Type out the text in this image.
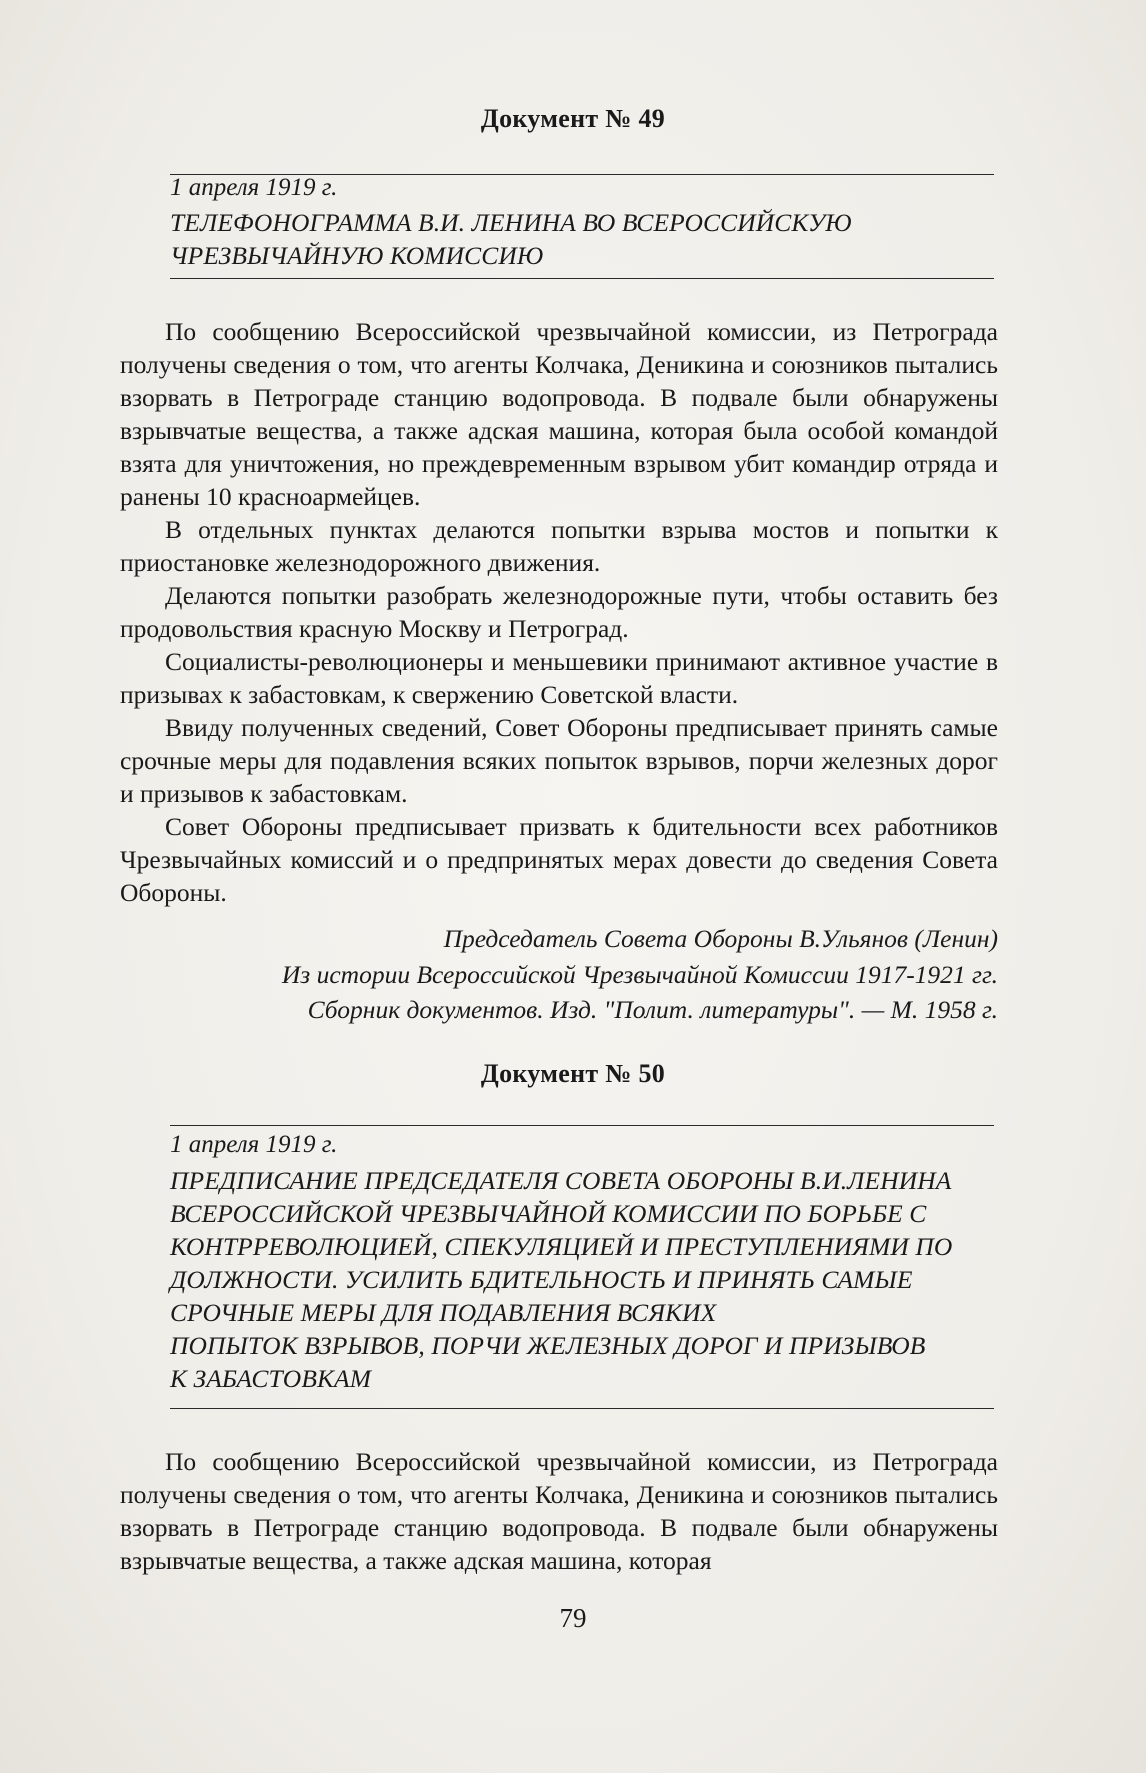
Документ № 49
1 апреля 1919 г.
ТЕЛЕФОНОГРАММА В.И. ЛЕНИНА ВО ВСЕРОССИЙСКУЮ
ЧРЕЗВЫЧАЙНУЮ КОМИССИЮ

По сообщению Всероссийской чрезвычайной комиссии, из Петрограда получены сведения о том, что агенты Колчака, Деникина и союзников пытались взорвать в Петрограде станцию водопровода. В подвале были обнаружены взрывчатые вещества, а также адская машина, которая была особой командой взята для уничтожения, но преждевременным взрывом убит командир отряда и ранены 10 красноармейцев.

В отдельных пунктах делаются попытки взрыва мостов и попытки к приостановке железнодорожного движения.

Делаются попытки разобрать железнодорожные пути, чтобы оставить без продовольствия красную Москву и Петроград.

Социалисты-революционеры и меньшевики принимают активное участие в призывах к забастовкам, к свержению Советской власти.

Ввиду полученных сведений, Совет Обороны предписывает принять самые срочные меры для подавления всяких попыток взрывов, порчи железных дорог и призывов к забастовкам.

Совет Обороны предписывает призвать к бдительности всех работников Чрезвычайных комиссий и о предпринятых мерах довести до сведения Совета Обороны.

Председатель Совета Обороны В.Ульянов (Ленин)
Из истории Всероссийской Чрезвычайной Комиссии 1917-1921 гг.
Сборник документов. Изд. "Полит. литературы". — М. 1958 г.
Документ № 50
1 апреля 1919 г.
ПРЕДПИСАНИЕ ПРЕДСЕДАТЕЛЯ СОВЕТА ОБОРОНЫ В.И.ЛЕНИНА
ВСЕРОССИЙСКОЙ ЧРЕЗВЫЧАЙНОЙ КОМИССИИ ПО БОРЬБЕ С
КОНТРРЕВОЛЮЦИЕЙ, СПЕКУЛЯЦИЕЙ И ПРЕСТУПЛЕНИЯМИ ПО
ДОЛЖНОСТИ. УСИЛИТЬ БДИТЕЛЬНОСТЬ И ПРИНЯТЬ САМЫЕ
СРОЧНЫЕ МЕРЫ ДЛЯ ПОДАВЛЕНИЯ ВСЯКИХ
ПОПЫТОК ВЗРЫВОВ, ПОРЧИ ЖЕЛЕЗНЫХ ДОРОГ И ПРИЗЫВОВ
К ЗАБАСТОВКАМ

По сообщению Всероссийской чрезвычайной комиссии, из Петрограда получены сведения о том, что агенты Колчака, Деникина и союзников пытались взорвать в Петрограде станцию водопровода. В подвале были обнаружены взрывчатые вещества, а также адская машина, которая

79
